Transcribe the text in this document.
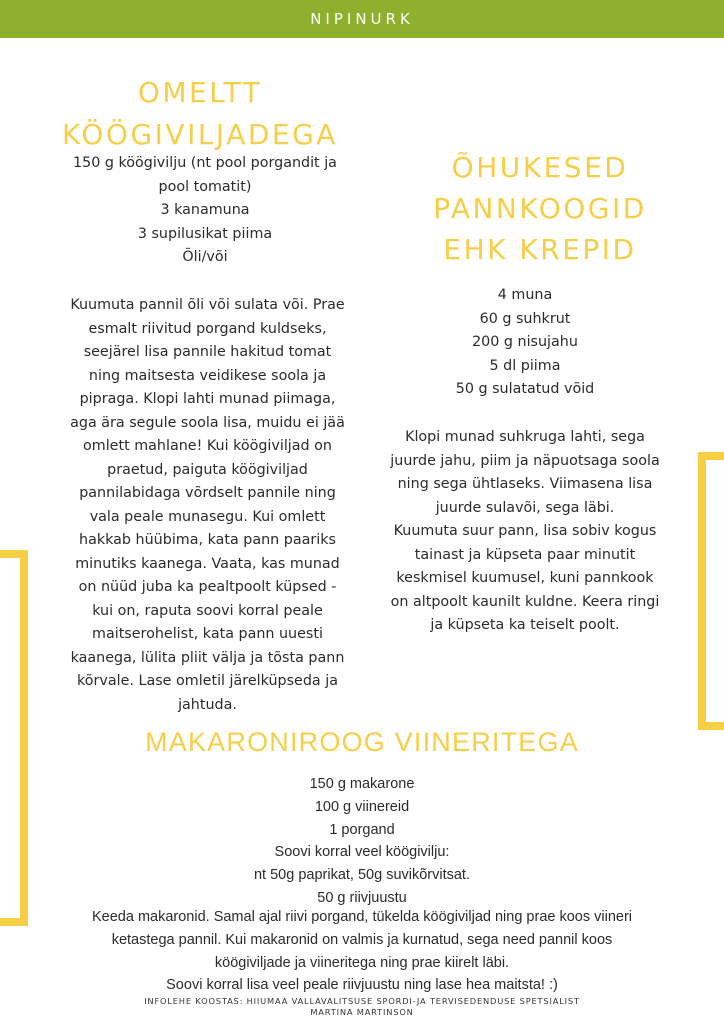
NIPINURK
OMELTT
KÖÖGIVILJADEGA
150 g köögivilju (nt pool porgandit ja
pool tomatit)
3 kanamuna
3 supilusikat piima
Õli/või
Kuumuta pannil õli või sulata või. Prae
esmalt riivitud porgand kuldseks,
seejärel lisa pannile hakitud tomat
ning maitsesta veidikese soola ja
pipraga. Klopi lahti munad piimaga,
aga ära segule soola lisa, muidu ei jää
omlett mahlane! Kui köögiviljad on
praetud, paiguta köögiviljad
pannilabidaga võrdselt pannile ning
vala peale munasegu. Kui omlett
hakkab hüübima, kata pann paariks
minutiks kaanega. Vaata, kas munad
on nüüd juba ka pealtpoolt küpsed -
kui on, raputa soovi korral peale
maitserohelist, kata pann uuesti
kaanega, lülita pliit välja ja tõsta pann
kõrvale. Lase omletil järelküpseda ja
jahtuda.
ÕHUKESED
PANNKOOGID
EHK KREPID
4 muna
60 g suhkrut
200 g nisujahu
5 dl piima
50 g sulatatud võid
Klopi munad suhkruga lahti, sega
juurde jahu, piim ja näpuotsaga soola
ning sega ühtlaseks. Viimasena lisa
juurde sulavõi, sega läbi.
Kuumuta suur pann, lisa sobiv kogus
tainast ja küpseta paar minutit
keskmisel kuumusel, kuni pannkook
on altpoolt kaunilt kuldne. Keera ringi
ja küpseta ka teiselt poolt.
MAKARONIROOG VIINERITEGA
150 g makarone
100 g viinereid
1 porgand
Soovi korral veel köögivilju:
nt 50g paprikat, 50g suvikõrvitsat.
50 g riivjuustu
Keeda makaronid. Samal ajal riivi porgand, tükelda köögiviljad ning prae koos viineri
ketastega pannil. Kui makaronid on valmis ja kurnatud, sega need pannil koos
köögiviljade ja viineritega ning prae kiirelt läbi.
Soovi korral lisa veel peale riivjuustu ning lase hea maitsta! :)
INFOLEHE KOOSTAS: HIIUMAA VALLAVALITSUSE SPORDI-JA TERVISEDENDUSE SPETSIALIST
MARTINA MARTINSON
